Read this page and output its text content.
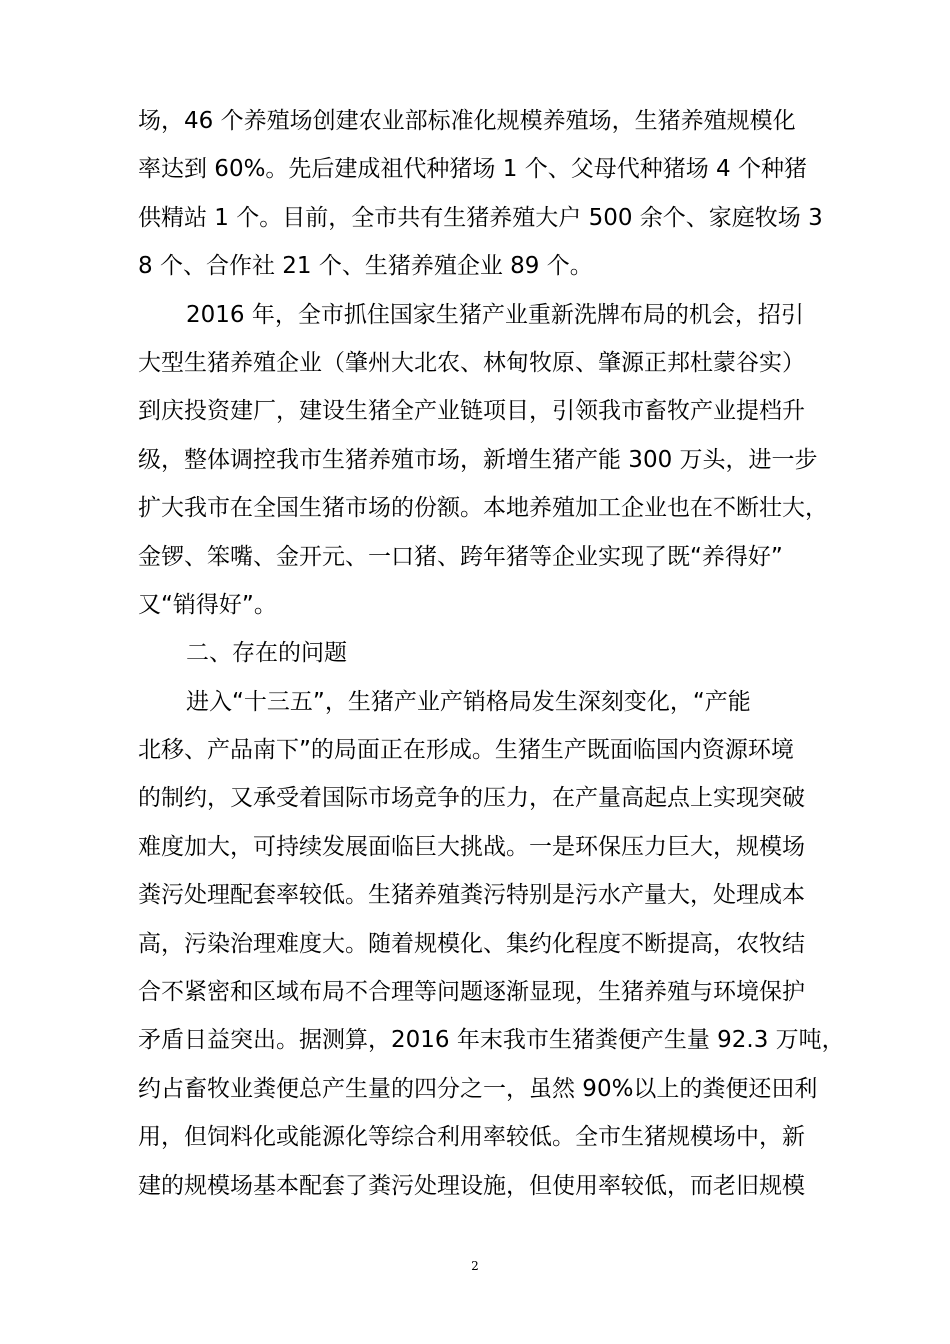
场，46 个养殖场创建农业部标准化规模养殖场，生猪养殖规模化
率达到 60%。先后建成祖代种猪场 1 个、父母代种猪场 4 个种猪
供精站 1 个。目前，全市共有生猪养殖大户 500 余个、家庭牧场 3
8 个、合作社 21 个、生猪养殖企业 89 个。
2016 年，全市抓住国家生猪产业重新洗牌布局的机会，招引
大型生猪养殖企业（肇州大北农、林甸牧原、肇源正邦杜蒙谷实）
到庆投资建厂，建设生猪全产业链项目，引领我市畜牧产业提档升
级，整体调控我市生猪养殖市场，新增生猪产能 300 万头，进一步
扩大我市在全国生猪市场的份额。本地养殖加工企业也在不断壮大，
金锣、笨嘴、金开元、一口猪、跨年猪等企业实现了既“养得好”
又“销得好”。
二、存在的问题
进入“十三五”，生猪产业产销格局发生深刻变化，“产能
北移、产品南下”的局面正在形成。生猪生产既面临国内资源环境
的制约，又承受着国际市场竞争的压力，在产量高起点上实现突破
难度加大，可持续发展面临巨大挑战。一是环保压力巨大，规模场
粪污处理配套率较低。生猪养殖粪污特别是污水产量大，处理成本
高，污染治理难度大。随着规模化、集约化程度不断提高，农牧结
合不紧密和区域布局不合理等问题逐渐显现，生猪养殖与环境保护
矛盾日益突出。据测算，2016 年末我市生猪粪便产生量 92.3 万吨，
约占畜牧业粪便总产生量的四分之一，虽然 90%以上的粪便还田利
用，但饲料化或能源化等综合利用率较低。全市生猪规模场中，新
建的规模场基本配套了粪污处理设施，但使用率较低，而老旧规模
2
